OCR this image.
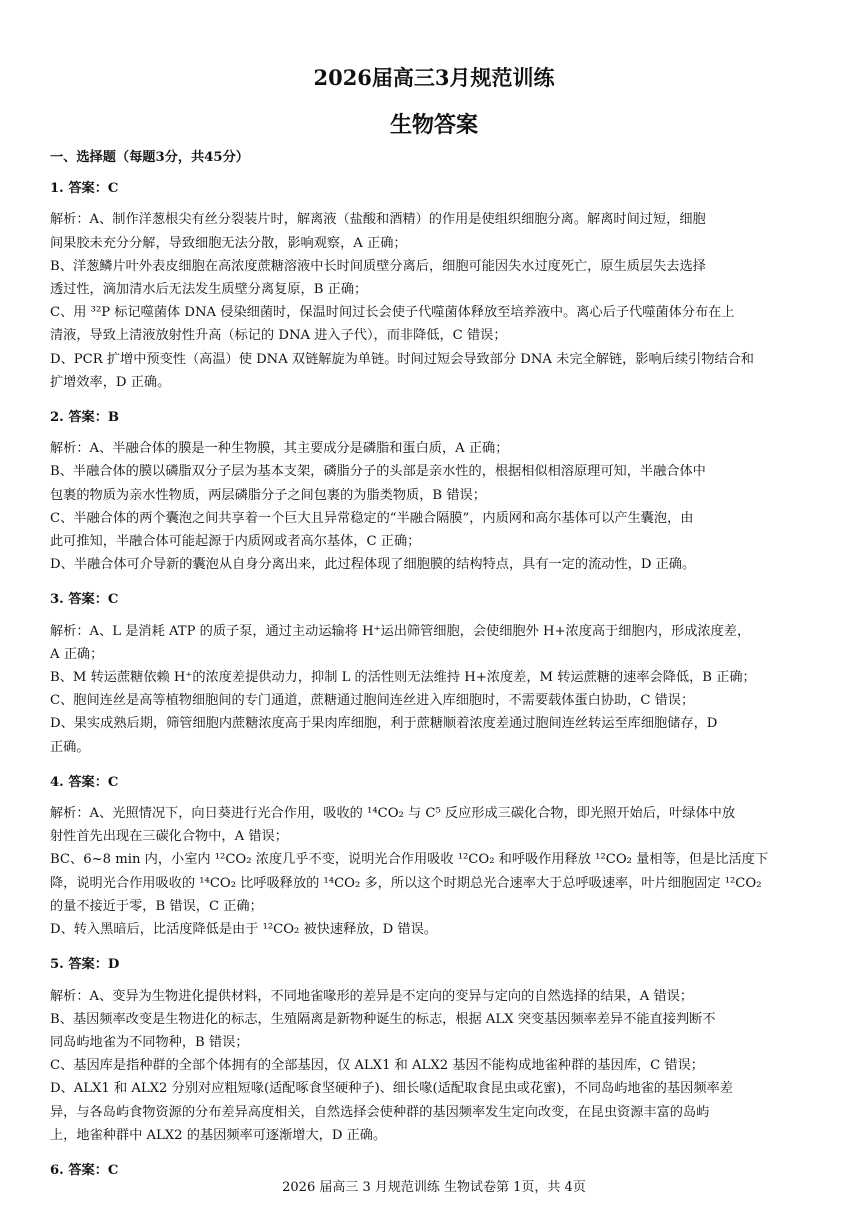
2026届高三3月规范训练
生物答案
一、选择题（每题3分，共45分）
1. 答案：C
解析：A、制作洋葱根尖有丝分裂装片时，解离液（盐酸和酒精）的作用是使组织细胞分离。解离时间过短，细胞
间果胶未充分分解，导致细胞无法分散，影响观察，A 正确；
B、洋葱鳞片叶外表皮细胞在高浓度蔗糖溶液中长时间质壁分离后，细胞可能因失水过度死亡，原生质层失去选择
透过性，滴加清水后无法发生质壁分离复原，B 正确；
C、用 ³²P 标记噬菌体 DNA 侵染细菌时，保温时间过长会使子代噬菌体释放至培养液中。离心后子代噬菌体分布在上
清液，导致上清液放射性升高（标记的 DNA 进入子代），而非降低，C 错误；
D、PCR 扩增中预变性（高温）使 DNA 双链解旋为单链。时间过短会导致部分 DNA 未完全解链，影响后续引物结合和
扩增效率，D 正确。
2. 答案：B
解析：A、半融合体的膜是一种生物膜，其主要成分是磷脂和蛋白质，A 正确；
B、半融合体的膜以磷脂双分子层为基本支架，磷脂分子的头部是亲水性的，根据相似相溶原理可知，半融合体中
包裹的物质为亲水性物质，两层磷脂分子之间包裹的为脂类物质，B 错误；
C、半融合体的两个囊泡之间共享着一个巨大且异常稳定的“半融合隔膜”，内质网和高尔基体可以产生囊泡，由
此可推知，半融合体可能起源于内质网或者高尔基体，C 正确；
D、半融合体可介导新的囊泡从自身分离出来，此过程体现了细胞膜的结构特点，具有一定的流动性，D 正确。
3. 答案：C
解析：A、L 是消耗 ATP 的质子泵，通过主动运输将 H⁺运出筛管细胞，会使细胞外 H+浓度高于细胞内，形成浓度差，
A 正确；
B、M 转运蔗糖依赖 H⁺的浓度差提供动力，抑制 L 的活性则无法维持 H+浓度差，M 转运蔗糖的速率会降低，B 正确；
C、胞间连丝是高等植物细胞间的专门通道，蔗糖通过胞间连丝进入库细胞时，不需要载体蛋白协助，C 错误；
D、果实成熟后期，筛管细胞内蔗糖浓度高于果肉库细胞，利于蔗糖顺着浓度差通过胞间连丝转运至库细胞储存，D
正确。
4. 答案：C
解析：A、光照情况下，向日葵进行光合作用，吸收的 ¹⁴CO₂ 与 C⁵ 反应形成三碳化合物，即光照开始后，叶绿体中放
射性首先出现在三碳化合物中，A 错误；
BC、6~8 min 内，小室内 ¹²CO₂ 浓度几乎不变，说明光合作用吸收 ¹²CO₂ 和呼吸作用释放 ¹²CO₂ 量相等，但是比活度下
降，说明光合作用吸收的 ¹⁴CO₂ 比呼吸释放的 ¹⁴CO₂ 多，所以这个时期总光合速率大于总呼吸速率，叶片细胞固定 ¹²CO₂
的量不接近于零，B 错误，C 正确；
D、转入黑暗后，比活度降低是由于 ¹²CO₂ 被快速释放，D 错误。
5. 答案：D
解析：A、变异为生物进化提供材料，不同地雀喙形的差异是不定向的变异与定向的自然选择的结果，A 错误；
B、基因频率改变是生物进化的标志，生殖隔离是新物种诞生的标志，根据 ALX 突变基因频率差异不能直接判断不
同岛屿地雀为不同物种，B 错误；
C、基因库是指种群的全部个体拥有的全部基因，仅 ALX1 和 ALX2 基因不能构成地雀种群的基因库，C 错误；
D、ALX1 和 ALX2 分别对应粗短喙(适配啄食坚硬种子)、细长喙(适配取食昆虫或花蜜)，不同岛屿地雀的基因频率差
异，与各岛屿食物资源的分布差异高度相关，自然选择会使种群的基因频率发生定向改变，在昆虫资源丰富的岛屿
上，地雀种群中 ALX2 的基因频率可逐渐增大，D 正确。
6. 答案：C
2026 届高三 3 月规范训练 生物试卷第 1页，共 4页
